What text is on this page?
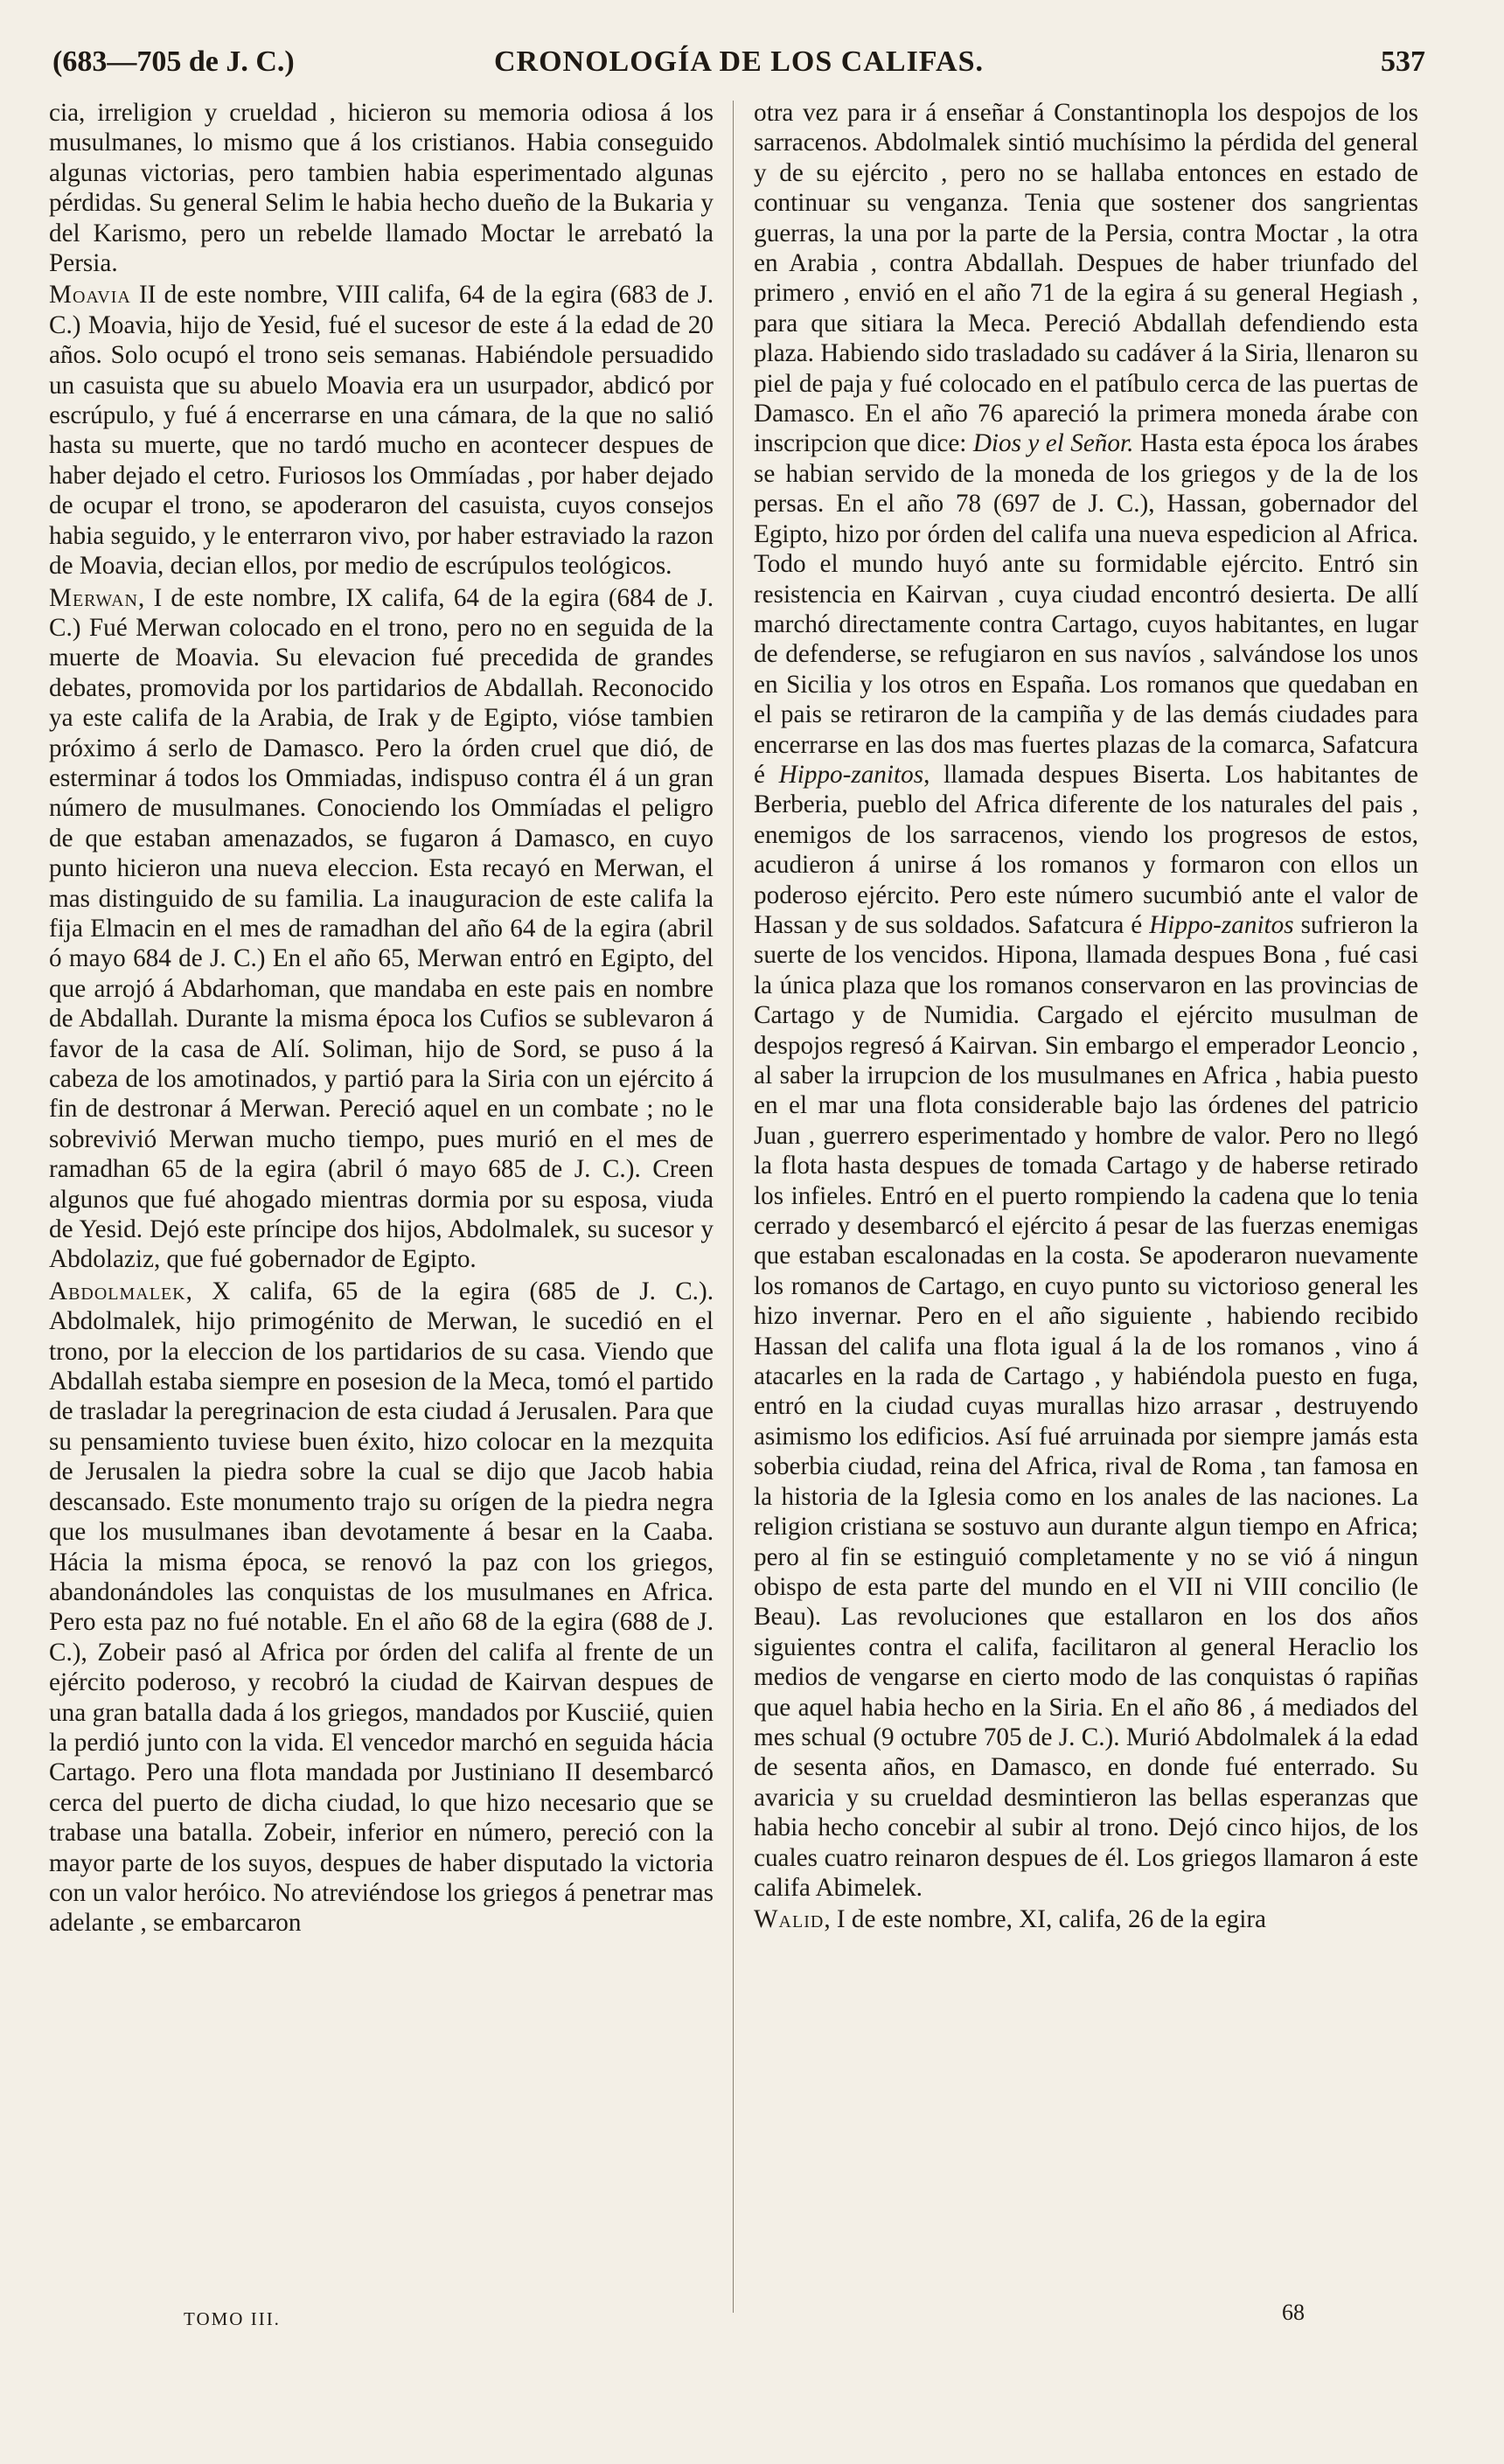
(683—705 de J. C.)	CRONOLOGÍA DE LOS CALIFAS.	537

cia, irreligion y crueldad , hicieron su memoria odiosa á los musulmanes, lo mismo que á los cristianos. Habia conseguido algunas victorias, pero tambien habia esperimentado algunas pérdidas. Su general Selim le habia hecho dueño de la Bukaria y del Karismo, pero un rebelde llamado Moctar le arrebató la Persia.

Moavia II de este nombre, VIII califa, 64 de la egira (683 de J. C.) Moavia, hijo de Yesid, fué el sucesor de este á la edad de 20 años. Solo ocupó el trono seis semanas. Habiéndole persuadido un casuista que su abuelo Moavia era un usurpador, abdicó por escrúpulo, y fué á encerrarse en una cámara, de la que no salió hasta su muerte, que no tardó mucho en acontecer despues de haber dejado el cetro. Furiosos los Ommíadas , por haber dejado de ocupar el trono, se apoderaron del casuista, cuyos consejos habia seguido, y le enterraron vivo, por haber estraviado la razon de Moavia, decian ellos, por medio de escrúpulos teológicos.

Merwan, I de este nombre, IX califa, 64 de la egira (684 de J. C.) Fué Merwan colocado en el trono, pero no en seguida de la muerte de Moavia. Su elevacion fué precedida de grandes debates, promovida por los partidarios de Abdallah. Reconocido ya este califa de la Arabia, de Irak y de Egipto, vióse tambien próximo á serlo de Damasco. Pero la órden cruel que dió, de esterminar á todos los Ommiadas, indispuso contra él á un gran número de musulmanes. Conociendo los Ommíadas el peligro de que estaban amenazados, se fugaron á Damasco, en cuyo punto hicieron una nueva eleccion. Esta recayó en Merwan, el mas distinguido de su familia. La inauguracion de este califa la fija Elmacin en el mes de ramadhan del año 64 de la egira (abril ó mayo 684 de J. C.) En el año 65, Merwan entró en Egipto, del que arrojó á Abdarhoman, que mandaba en este pais en nombre de Abdallah. Durante la misma época los Cufios se sublevaron á favor de la casa de Alí. Soliman, hijo de Sord, se puso á la cabeza de los amotinados, y partió para la Siria con un ejército á fin de destronar á Merwan. Pereció aquel en un combate ; no le sobrevivió Merwan mucho tiempo, pues murió en el mes de ramadhan 65 de la egira (abril ó mayo 685 de J. C.). Creen algunos que fué ahogado mientras dormia por su esposa, viuda de Yesid. Dejó este príncipe dos hijos, Abdolmalek, su sucesor y Abdolaziz, que fué gobernador de Egipto.

Abdolmalek, X califa, 65 de la egira (685 de J. C.). Abdolmalek, hijo primogénito de Merwan, le sucedió en el trono, por la eleccion de los partidarios de su casa. Viendo que Abdallah estaba siempre en posesion de la Meca, tomó el partido de trasladar la peregrinacion de esta ciudad á Jerusalen. Para que su pensamiento tuviese buen éxito, hizo colocar en la mezquita de Jerusalen la piedra sobre la cual se dijo que Jacob habia descansado. Este monumento trajo su orígen de la piedra negra que los musulmanes iban devotamente á besar en la Caaba. Hácia la misma época, se renovó la paz con los griegos, abandonándoles las conquistas de los musulmanes en Africa. Pero esta paz no fué notable. En el año 68 de la egira (688 de J. C.), Zobeir pasó al Africa por órden del califa al frente de un ejército poderoso, y recobró la ciudad de Kairvan despues de una gran batalla dada á los griegos, mandados por Kusciié, quien la perdió junto con la vida. El vencedor marchó en seguida hácia Cartago. Pero una flota mandada por Justiniano II desembarcó cerca del puerto de dicha ciudad, lo que hizo necesario que se trabase una batalla. Zobeir, inferior en número, pereció con la mayor parte de los suyos, despues de haber disputado la victoria con un valor heróico. No atreviéndose los griegos á penetrar mas adelante , se embarcaron

otra vez para ir á enseñar á Constantinopla los despojos de los sarracenos. Abdolmalek sintió muchísimo la pérdida del general y de su ejército , pero no se hallaba entonces en estado de continuar su venganza. Tenia que sostener dos sangrientas guerras, la una por la parte de la Persia, contra Moctar , la otra en Arabia , contra Abdallah. Despues de haber triunfado del primero , envió en el año 71 de la egira á su general Hegiash , para que sitiara la Meca. Pereció Abdallah defendiendo esta plaza. Habiendo sido trasladado su cadáver á la Siria, llenaron su piel de paja y fué colocado en el patíbulo cerca de las puertas de Damasco. En el año 76 apareció la primera moneda árabe con inscripcion que dice: Dios y el Señor. Hasta esta época los árabes se habian servido de la moneda de los griegos y de la de los persas. En el año 78 (697 de J. C.), Hassan, gobernador del Egipto, hizo por órden del califa una nueva espedicion al Africa. Todo el mundo huyó ante su formidable ejército. Entró sin resistencia en Kairvan , cuya ciudad encontró desierta. De allí marchó directamente contra Cartago, cuyos habitantes, en lugar de defenderse, se refugiaron en sus navíos , salvándose los unos en Sicilia y los otros en España. Los romanos que quedaban en el pais se retiraron de la campiña y de las demás ciudades para encerrarse en las dos mas fuertes plazas de la comarca, Safatcura é Hippo-zanitos, llamada despues Biserta. Los habitantes de Berberia, pueblo del Africa diferente de los naturales del pais , enemigos de los sarracenos, viendo los progresos de estos, acudieron á unirse á los romanos y formaron con ellos un poderoso ejército. Pero este número sucumbió ante el valor de Hassan y de sus soldados. Safatcura é Hippo-zanitos sufrieron la suerte de los vencidos. Hipona, llamada despues Bona , fué casi la única plaza que los romanos conservaron en las provincias de Cartago y de Numidia. Cargado el ejército musulman de despojos regresó á Kairvan. Sin embargo el emperador Leoncio , al saber la irrupcion de los musulmanes en Africa , habia puesto en el mar una flota considerable bajo las órdenes del patricio Juan , guerrero esperimentado y hombre de valor. Pero no llegó la flota hasta despues de tomada Cartago y de haberse retirado los infieles. Entró en el puerto rompiendo la cadena que lo tenia cerrado y desembarcó el ejército á pesar de las fuerzas enemigas que estaban escalonadas en la costa. Se apoderaron nuevamente los romanos de Cartago, en cuyo punto su victorioso general les hizo invernar. Pero en el año siguiente , habiendo recibido Hassan del califa una flota igual á la de los romanos , vino á atacarles en la rada de Cartago , y habiéndola puesto en fuga, entró en la ciudad cuyas murallas hizo arrasar , destruyendo asimismo los edificios. Así fué arruinada por siempre jamás esta soberbia ciudad, reina del Africa, rival de Roma , tan famosa en la historia de la Iglesia como en los anales de las naciones. La religion cristiana se sostuvo aun durante algun tiempo en Africa; pero al fin se estinguió completamente y no se vió á ningun obispo de esta parte del mundo en el VII ni VIII concilio (le Beau). Las revoluciones que estallaron en los dos años siguientes contra el califa, facilitaron al general Heraclio los medios de vengarse en cierto modo de las conquistas ó rapiñas que aquel habia hecho en la Siria. En el año 86 , á mediados del mes schual (9 octubre 705 de J. C.). Murió Abdolmalek á la edad de sesenta años, en Damasco, en donde fué enterrado. Su avaricia y su crueldad desmintieron las bellas esperanzas que habia hecho concebir al subir al trono. Dejó cinco hijos, de los cuales cuatro reinaron despues de él. Los griegos llamaron á este califa Abimelek.

Walid, I de este nombre, XI, califa, 26 de la egira

TOMO III.	68
